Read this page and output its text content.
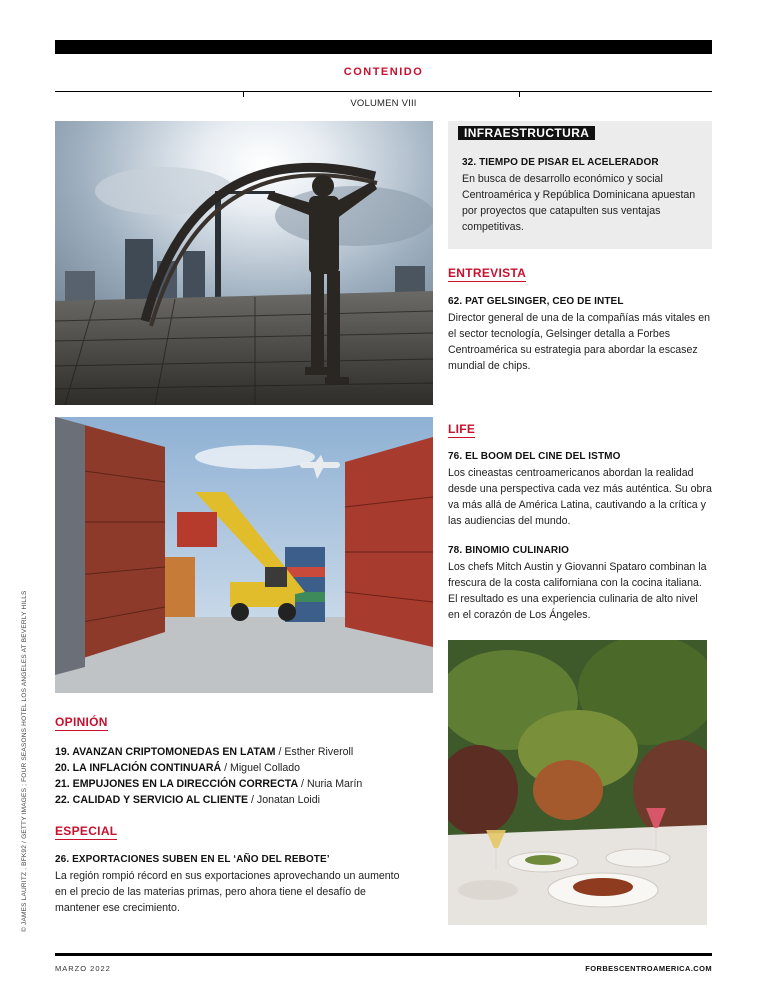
CONTENIDO
VOLUMEN VIII
INFRAESTRUCTURA
32. TIEMPO DE PISAR EL ACELERADOR
En busca de desarrollo económico y social Centroamérica y República Dominicana apuestan por proyectos que catapulten sus ventajas competitivas.
ENTREVISTA
62. PAT GELSINGER, CEO DE INTEL
Director general de una de la compañías más vitales en el sector tecnología, Gelsinger detalla a Forbes Centroamérica su estrategia para abordar la escasez mundial de chips.
LIFE
76. EL BOOM DEL CINE DEL ISTMO
Los cineastas centroamericanos abordan la realidad desde una perspectiva cada vez más auténtica. Su obra va más allá de América Latina, cautivando a la crítica y las audiencias del mundo.
78. BINOMIO CULINARIO
Los chefs Mitch Austin y Giovanni Spataro combinan la frescura de la costa californiana con la cocina italiana. El resultado es una experiencia culinaria de alto nivel en el corazón de Los Ángeles.
OPINIÓN
19. AVANZAN CRIPTOMONEDAS EN LATAM / Esther Riveroll
20. LA INFLACIÓN CONTINUARÁ / Miguel Collado
21. EMPUJONES EN LA DIRECCIÓN CORRECTA / Nuria Marín
22. CALIDAD Y SERVICIO AL CLIENTE / Jonatan Loidi
ESPECIAL
26. EXPORTACIONES SUBEN EN EL ‘AÑO DEL REBOTE’
La región rompió récord en sus exportaciones aprovechando un aumento en el precio de las materias primas, pero ahora tiene el desafío de mantener ese crecimiento.
© JAMES LAURITZ , BFK92 / GETTY IMAGES ; FOUR SEASONS HOTEL LOS ANGELES AT BEVERLY HILLS
MARZO 2022	FORBESCENTROAMERICA.COM
